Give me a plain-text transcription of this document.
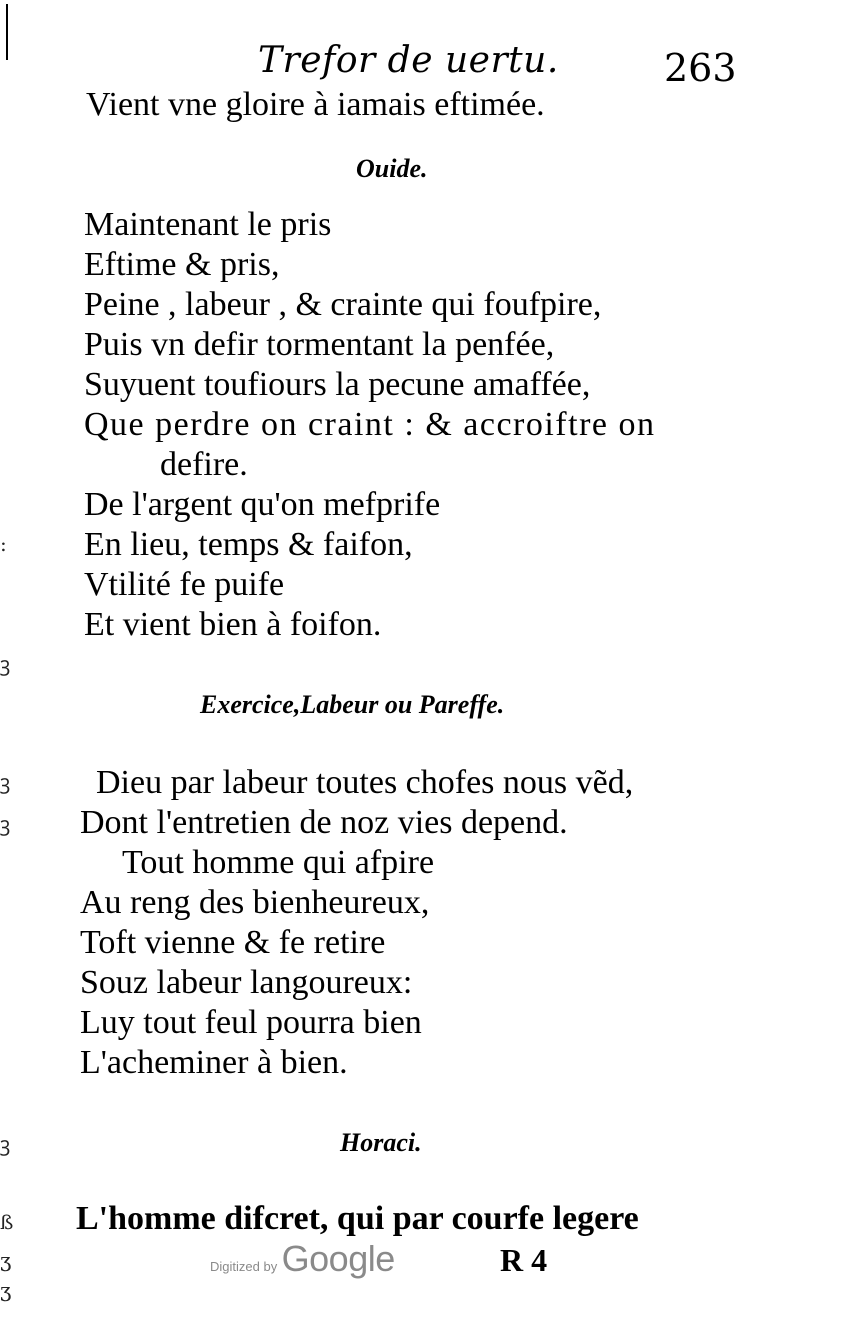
:
ꝫ
ꝫ
ꝫ
ꝫ
ß
ʒ
ʒ
Trefor de uertu.	263
Vient vne gloire à iamais eftimée.
Ouide.
Maintenant le pris
Eftime & pris,
Peine , labeur , & crainte qui foufpire,
Puis vn defir tormentant la penfée,
Suyuent toufiours la pecune amaffée,
Que perdre on craint : & accroiftre on
defire.
De l'argent qu'on mefprife
En lieu, temps & faifon,
Vtilité fe puife
Et vient bien à foifon.
Exercice,Labeur ou Pareffe.
Dieu par labeur toutes chofes nous vẽd,
Dont l'entretien de noz vies depend.
Tout homme qui afpire
Au reng des bienheureux,
Toft vienne & fe retire
Souz labeur langoureux:
Luy tout feul pourra bien
L'acheminer à bien.
Horaci.
L'homme difcret, qui par courfe legere
Digitized by Google	R 4
